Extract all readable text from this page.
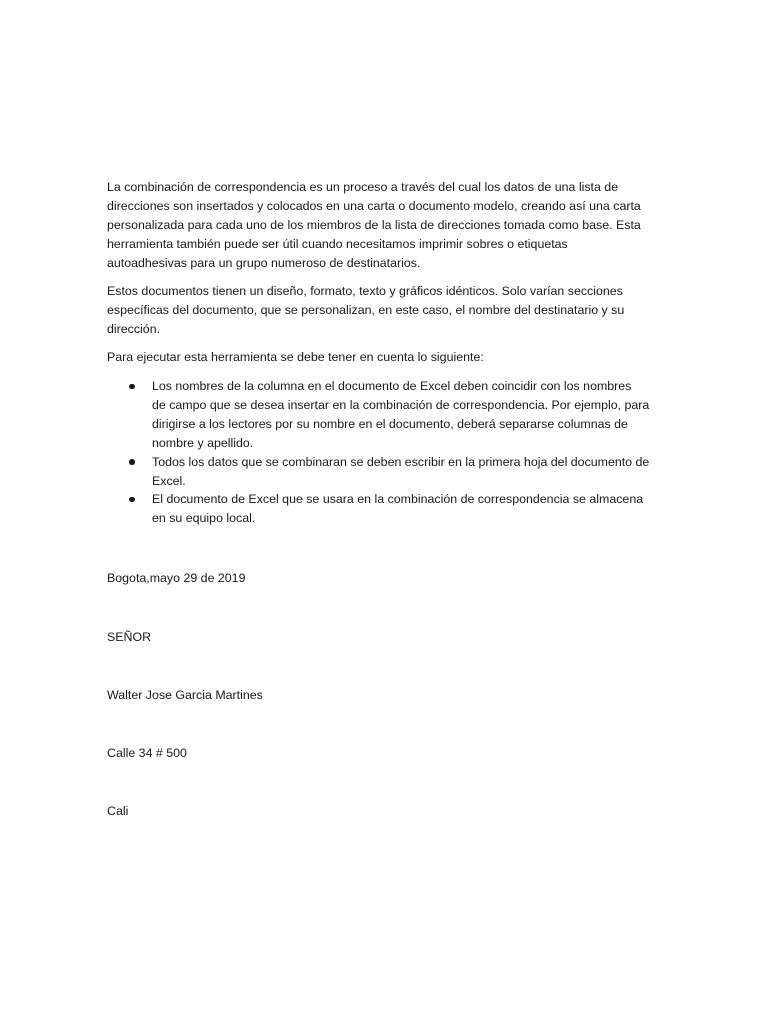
La combinación de correspondencia es un proceso a través del cual los datos de una lista de
direcciones son insertados y colocados en una carta o documento modelo, creando así una carta
personalizada para cada uno de los miembros de la lista de direcciones tomada como base. Esta
herramienta también puede ser útil cuando necesitamos imprimir sobres o etiquetas
autoadhesivas para un grupo numeroso de destinatarios.

Estos documentos tienen un diseño, formato, texto y gráficos idénticos. Solo varían secciones
específicas del documento, que se personalizan, en este caso, el nombre del destinatario y su
dirección.

Para ejecutar esta herramienta se debe tener en cuenta lo siguiente:

Los nombres de la columna en el documento de Excel deben coincidir con los nombres
de campo que se desea insertar en la combinación de correspondencia. Por ejemplo, para
dirigirse a los lectores por su nombre en el documento, deberá separarse columnas de
nombre y apellido.
Todos los datos que se combinaran se deben escribir en la primera hoja del documento de
Excel.
El documento de Excel que se usara en la combinación de correspondencia se almacena
en su equipo local.

Bogota,mayo 29 de 2019

SEÑOR

Walter Jose Garcia Martines

Calle 34 # 500

Cali
